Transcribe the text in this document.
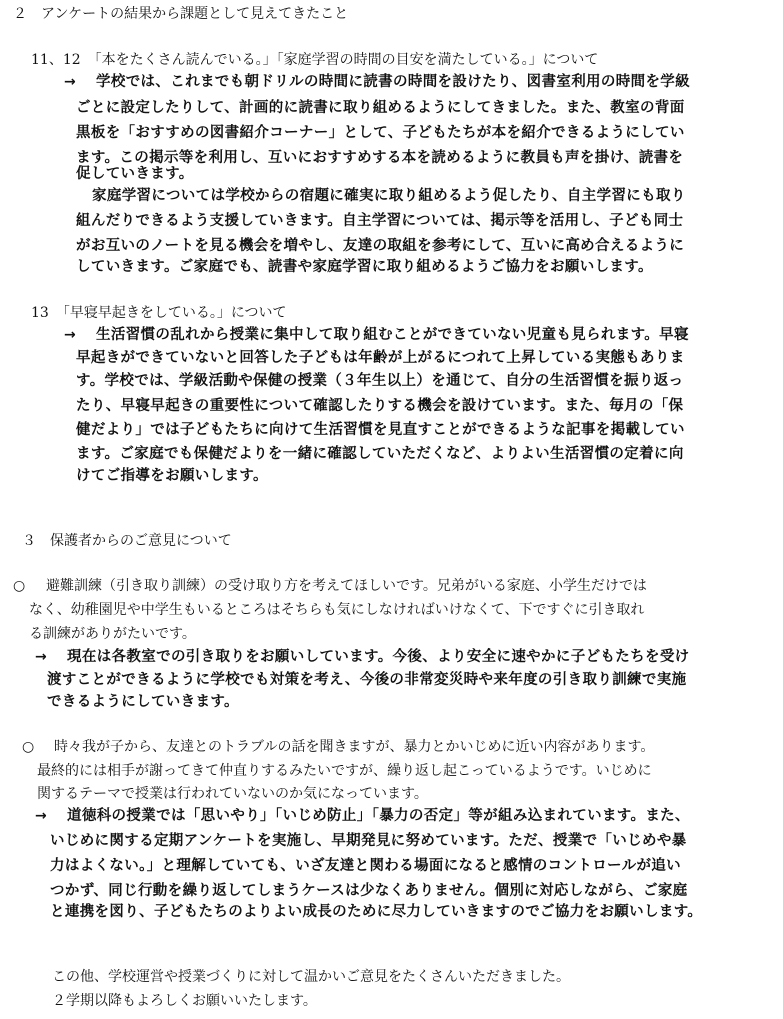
２　アンケートの結果から課題として見えてきたこと
11、12　「本をたくさん読んでいる。」「家庭学習の時間の目安を満たしている。」について
→ 学校では、これまでも朝ドリルの時間に読書の時間を設けたり、図書室利用の時間を学級
ごとに設定したりして、計画的に読書に取り組めるようにしてきました。また、教室の背面
黒板を「おすすめの図書紹介コーナー」として、子どもたちが本を紹介できるようにしてい
ます。この掲示等を利用し、互いにおすすめする本を読めるように教員も声を掛け、読書を
促していきます。
家庭学習については学校からの宿題に確実に取り組めるよう促したり、自主学習にも取り
組んだりできるよう支援していきます。自主学習については、掲示等を活用し、子ども同士
がお互いのノートを見る機会を増やし、友達の取組を参考にして、互いに高め合えるように
していきます。ご家庭でも、読書や家庭学習に取り組めるようご協力をお願いします。
13　「早寝早起きをしている。」について
→ 生活習慣の乱れから授業に集中して取り組むことができていない児童も見られます。早寝
早起きができていないと回答した子どもは年齢が上がるにつれて上昇している実態もありま
す。学校では、学級活動や保健の授業（３年生以上）を通じて、自分の生活習慣を振り返っ
たり、早寝早起きの重要性について確認したりする機会を設けています。また、毎月の「保
健だより」では子どもたちに向けて生活習慣を見直すことができるような記事を掲載してい
ます。ご家庭でも保健だよりを一緒に確認していただくなど、よりよい生活習慣の定着に向
けてご指導をお願いします。
３　保護者からのご意見について
○ 避難訓練（引き取り訓練）の受け取り方を考えてほしいです。兄弟がいる家庭、小学生だけでは
なく、幼稚園児や中学生もいるところはそちらも気にしなければいけなくて、下ですぐに引き取れ
る訓練がありがたいです。
→ 現在は各教室での引き取りをお願いしています。今後、より安全に速やかに子どもたちを受け
渡すことができるように学校でも対策を考え、今後の非常変災時や来年度の引き取り訓練で実施
できるようにしていきます。
○ 時々我が子から、友達とのトラブルの話を聞きますが、暴力とかいじめに近い内容があります。
最終的には相手が謝ってきて仲直りするみたいですが、繰り返し起こっているようです。いじめに
関するテーマで授業は行われていないのか気になっています。
→ 道徳科の授業では「思いやり」「いじめ防止」「暴力の否定」等が組み込まれています。また、
いじめに関する定期アンケートを実施し、早期発見に努めています。ただ、授業で「いじめや暴
力はよくない。」と理解していても、いざ友達と関わる場面になると感情のコントロールが追い
つかず、同じ行動を繰り返してしまうケースは少なくありません。個別に対応しながら、ご家庭
と連携を図り、子どもたちのよりよい成長のために尽力していきますのでご協力をお願いします。
この他、学校運営や授業づくりに対して温かいご意見をたくさんいただきました。
２学期以降もよろしくお願いいたします。
